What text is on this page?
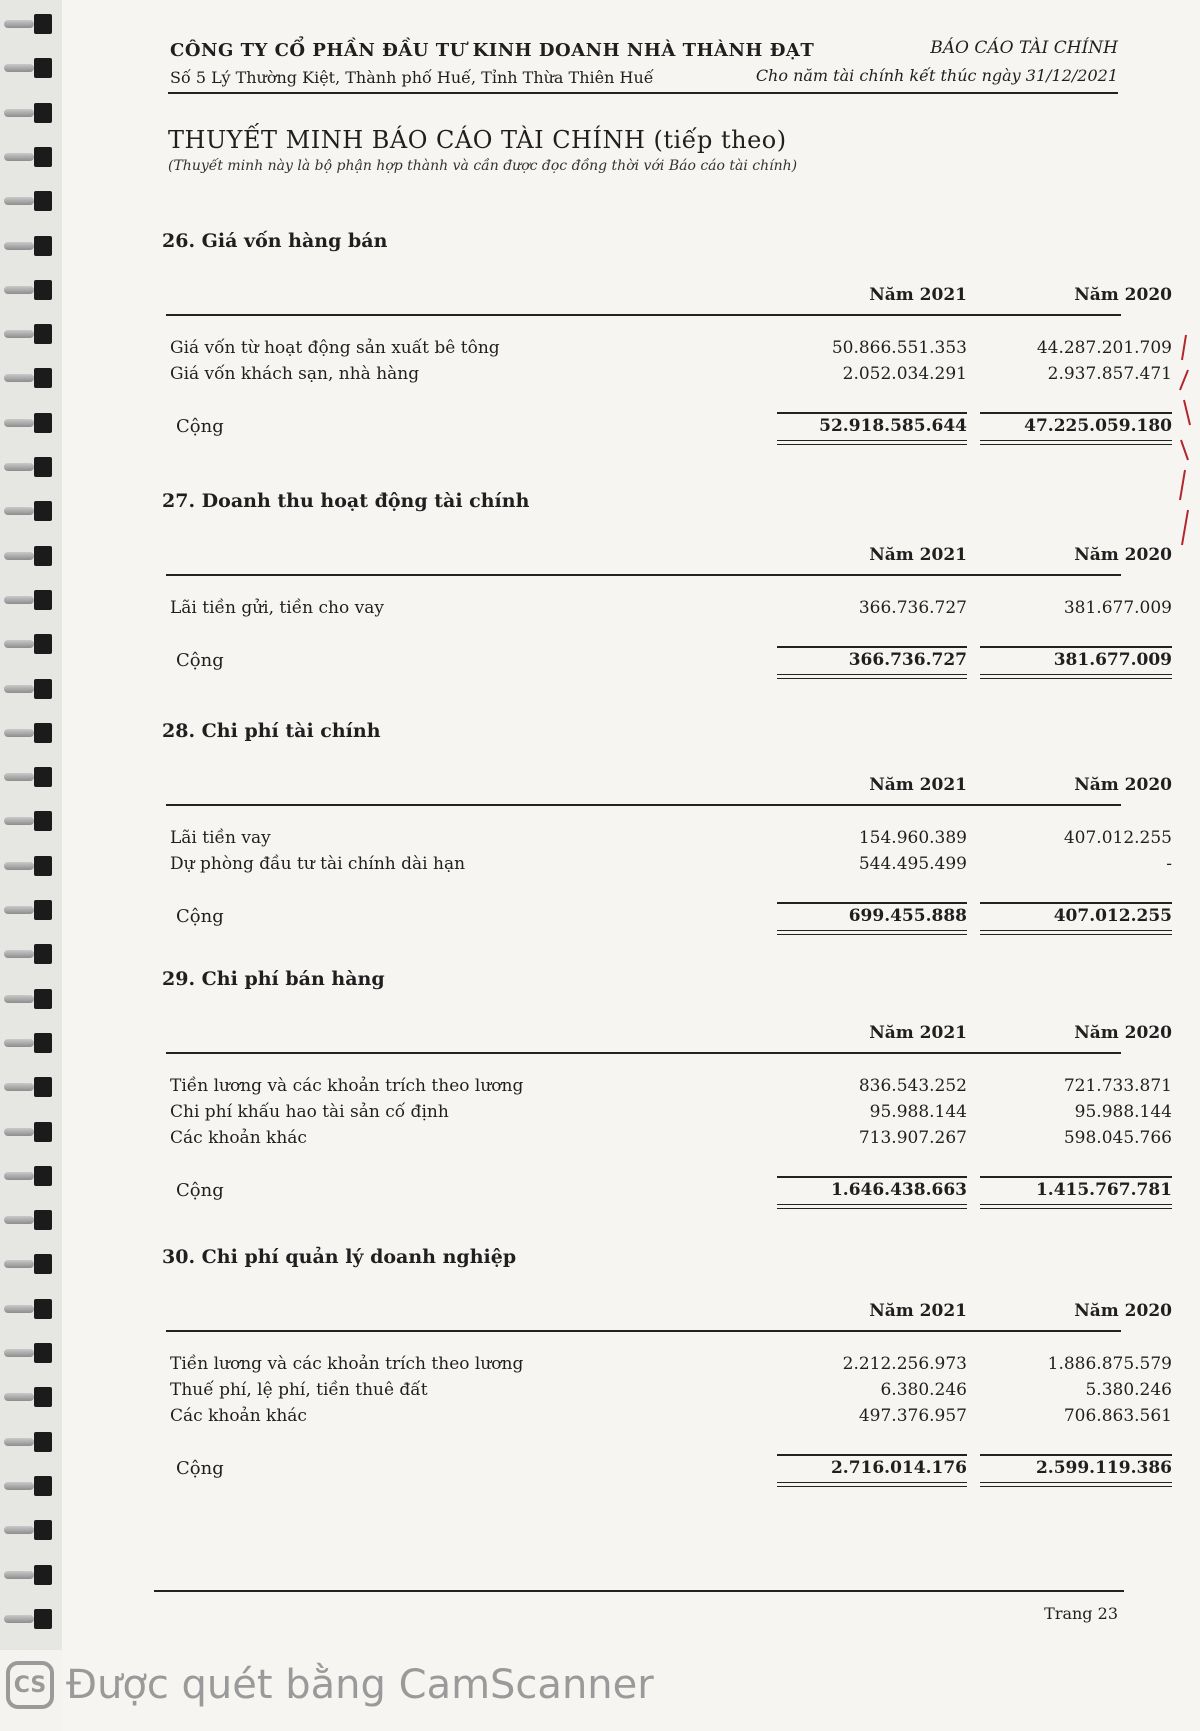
CÔNG TY CỔ PHẦN ĐẦU TƯ KINH DOANH NHÀ THÀNH ĐẠT
Số 5 Lý Thường Kiệt, Thành phố Huế, Tỉnh Thừa Thiên Huế
BÁO CÁO TÀI CHÍNH
Cho năm tài chính kết thúc ngày 31/12/2021
THUYẾT MINH BÁO CÁO TÀI CHÍNH (tiếp theo)
(Thuyết minh này là bộ phận hợp thành và cần được đọc đồng thời với Báo cáo tài chính)
26. Giá vốn hàng bán
Năm 2021	Năm 2020
Giá vốn từ hoạt động sản xuất bê tông	50.866.551.353	44.287.201.709
Giá vốn khách sạn, nhà hàng	2.052.034.291	2.937.857.471
Cộng	52.918.585.644	47.225.059.180
27. Doanh thu hoạt động tài chính
Năm 2021	Năm 2020
Lãi tiền gửi, tiền cho vay	366.736.727	381.677.009
Cộng	366.736.727	381.677.009
28. Chi phí tài chính
Năm 2021	Năm 2020
Lãi tiền vay	154.960.389	407.012.255
Dự phòng đầu tư tài chính dài hạn	544.495.499	-
Cộng	699.455.888	407.012.255
29. Chi phí bán hàng
Năm 2021	Năm 2020
Tiền lương và các khoản trích theo lương	836.543.252	721.733.871
Chi phí khấu hao tài sản cố định	95.988.144	95.988.144
Các khoản khác	713.907.267	598.045.766
Cộng	1.646.438.663	1.415.767.781
30. Chi phí quản lý doanh nghiệp
Năm 2021	Năm 2020
Tiền lương và các khoản trích theo lương	2.212.256.973	1.886.875.579
Thuế phí, lệ phí, tiền thuê đất	6.380.246	5.380.246
Các khoản khác	497.376.957	706.863.561
Cộng	2.716.014.176	2.599.119.386
Trang 23
CS Được quét bằng CamScanner
